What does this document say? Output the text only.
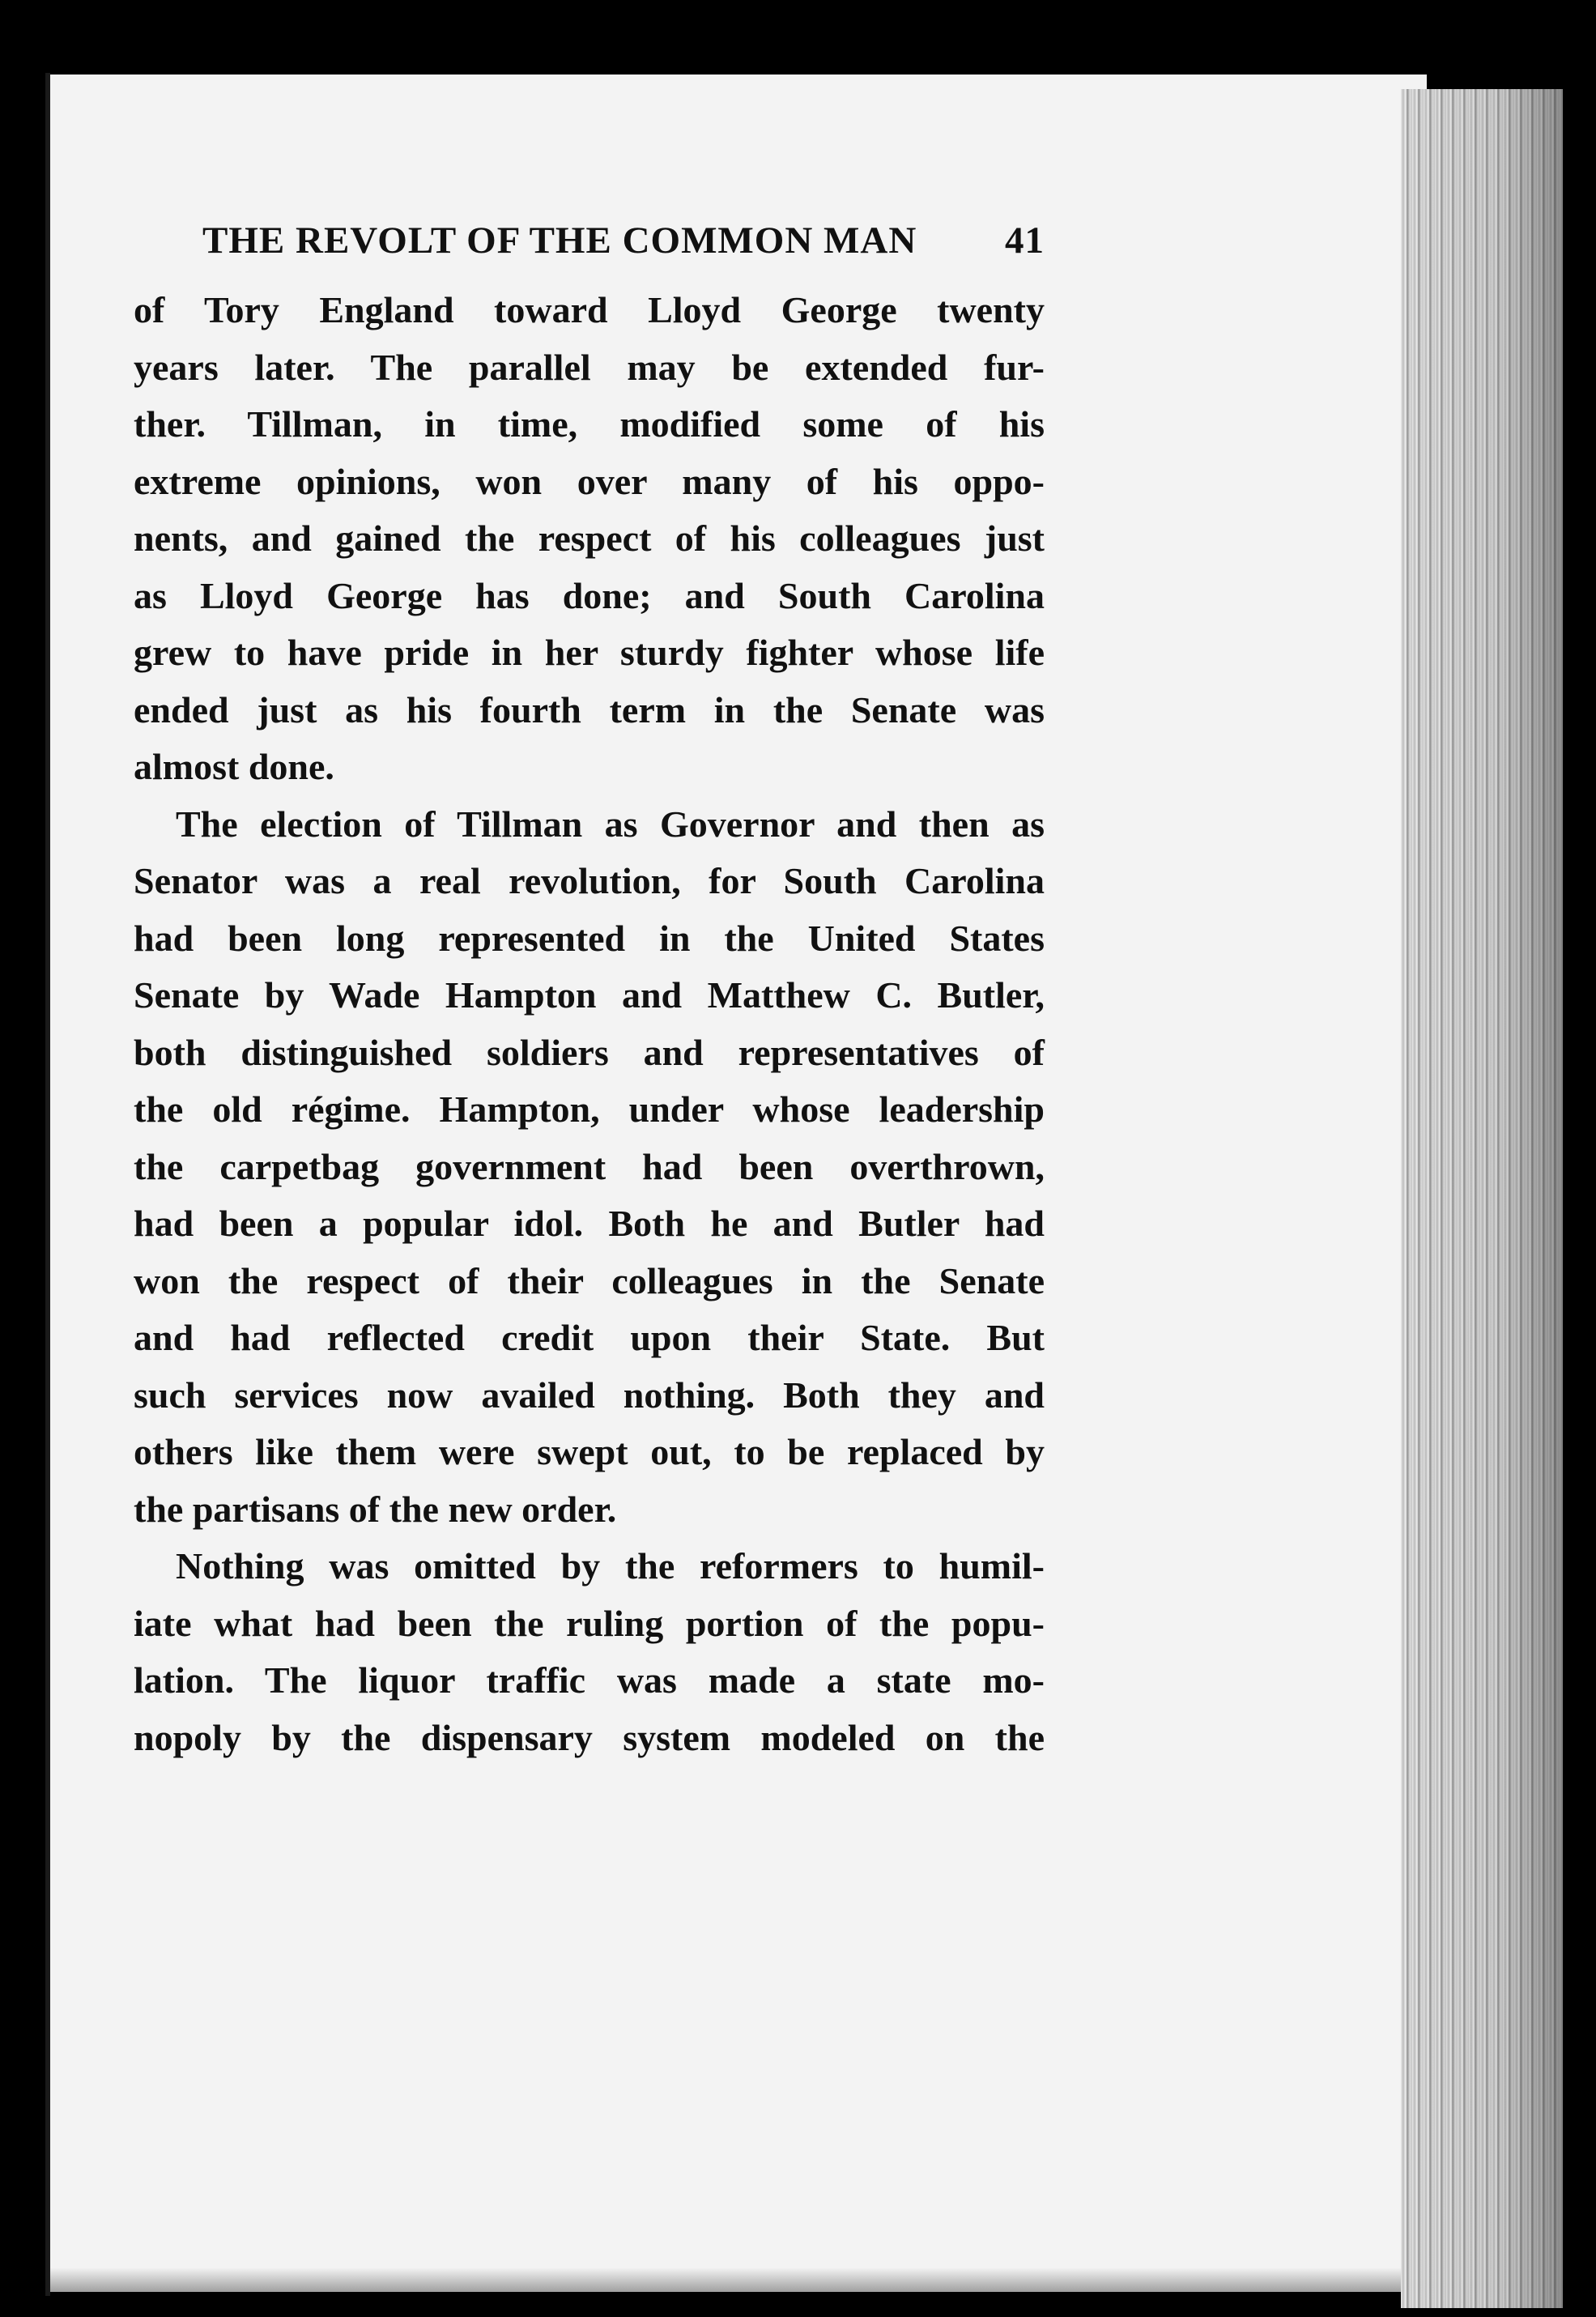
THE REVOLT OF THE COMMON MAN 41
of Tory England toward Lloyd George twenty
years later. The parallel may be extended fur-
ther. Tillman, in time, modified some of his
extreme opinions, won over many of his oppo-
nents, and gained the respect of his colleagues just
as Lloyd George has done; and South Carolina
grew to have pride in her sturdy fighter whose life
ended just as his fourth term in the Senate was
almost done.
The election of Tillman as Governor and then as
Senator was a real revolution, for South Carolina
had been long represented in the United States
Senate by Wade Hampton and Matthew C. Butler,
both distinguished soldiers and representatives of
the old régime. Hampton, under whose leadership
the carpetbag government had been overthrown,
had been a popular idol. Both he and Butler had
won the respect of their colleagues in the Senate
and had reflected credit upon their State. But
such services now availed nothing. Both they and
others like them were swept out, to be replaced by
the partisans of the new order.
Nothing was omitted by the reformers to humil-
iate what had been the ruling portion of the popu-
lation. The liquor traffic was made a state mo-
nopoly by the dispensary system modeled on the
